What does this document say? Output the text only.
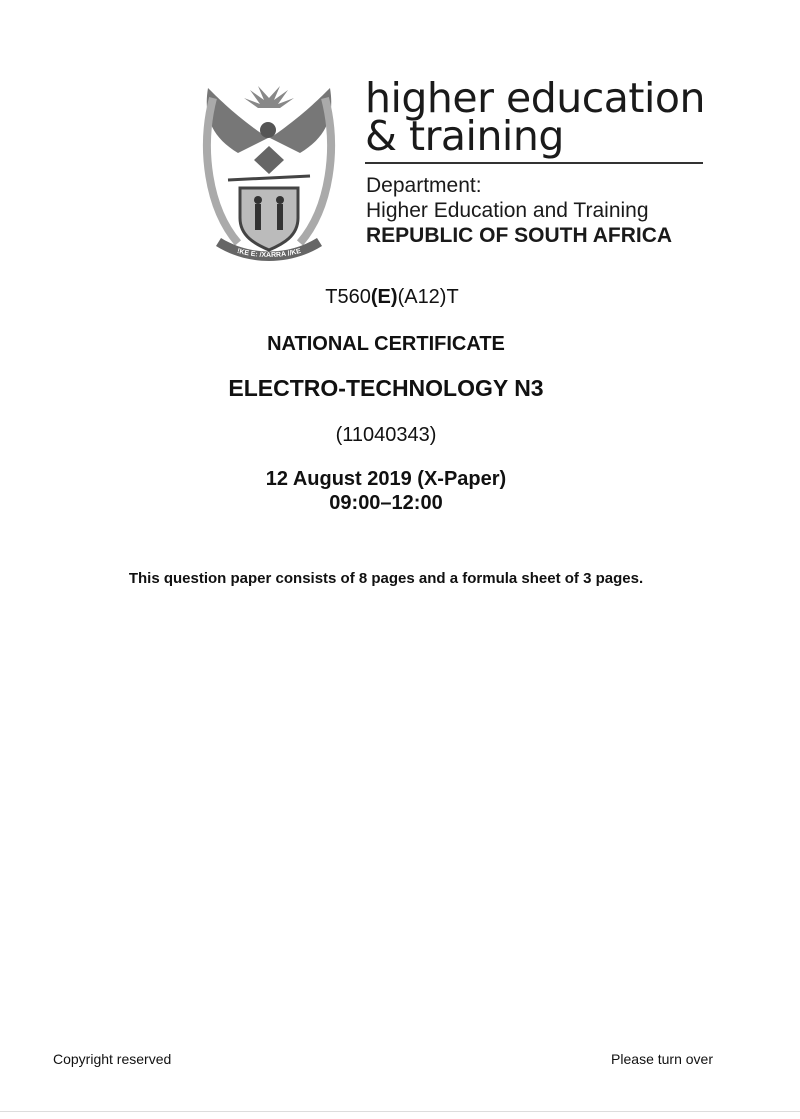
!KE E: /XARRA //KE
higher education
& training
Department:
Higher Education and Training
REPUBLIC OF SOUTH AFRICA
T560(E)(A12)T
NATIONAL CERTIFICATE
ELECTRO-TECHNOLOGY N3
(11040343)
12 August 2019 (X-Paper)
09:00–12:00
This question paper consists of 8 pages and a formula sheet of 3 pages.
Copyright reserved	Please turn over
